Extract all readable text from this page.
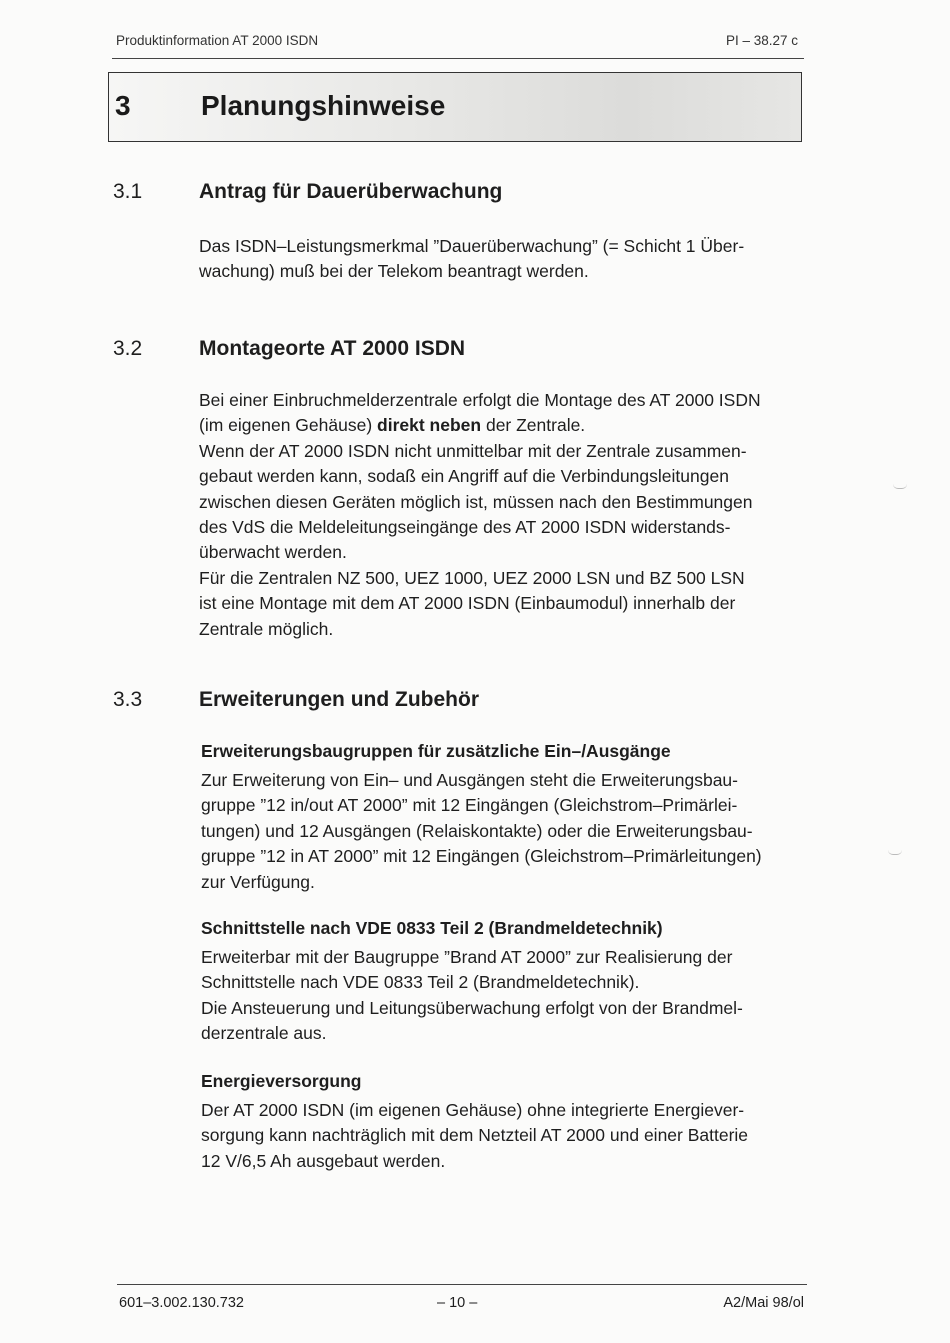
Produktinformation AT 2000 ISDN	PI – 38.27 c
3	Planungshinweise
3.1	Antrag für Dauerüberwachung
Das ISDN–Leistungsmerkmal ”Dauerüberwachung” (= Schicht 1 Über-
wachung) muß bei der Telekom beantragt werden.
3.2	Montageorte AT 2000 ISDN
Bei einer Einbruchmelderzentrale erfolgt die Montage des AT 2000 ISDN
(im eigenen Gehäuse) direkt neben der Zentrale.
Wenn der AT 2000 ISDN nicht unmittelbar mit der Zentrale zusammen-
gebaut werden kann, sodaß ein Angriff auf die Verbindungsleitungen
zwischen diesen Geräten möglich ist, müssen nach den Bestimmungen
des VdS die Meldeleitungseingänge des AT 2000 ISDN widerstands-
überwacht werden.
Für die Zentralen NZ 500, UEZ 1000, UEZ 2000 LSN und BZ 500 LSN
ist eine Montage mit dem AT 2000 ISDN (Einbaumodul) innerhalb der
Zentrale möglich.
3.3	Erweiterungen und Zubehör
Erweiterungsbaugruppen für zusätzliche Ein–/Ausgänge
Zur Erweiterung von Ein– und Ausgängen steht die Erweiterungsbau-
gruppe ”12 in/out AT 2000” mit 12 Eingängen (Gleichstrom–Primärlei-
tungen) und 12 Ausgängen (Relaiskontakte) oder die Erweiterungsbau-
gruppe ”12 in AT 2000” mit 12 Eingängen (Gleichstrom–Primärleitungen)
zur Verfügung.
Schnittstelle nach VDE 0833 Teil 2 (Brandmeldetechnik)
Erweiterbar mit der Baugruppe ”Brand AT 2000” zur Realisierung der
Schnittstelle nach VDE 0833 Teil 2 (Brandmeldetechnik).
Die Ansteuerung und Leitungsüberwachung erfolgt von der Brandmel-
derzentrale aus.
Energieversorgung
Der AT 2000 ISDN (im eigenen Gehäuse) ohne integrierte Energiever-
sorgung kann nachträglich mit dem Netzteil AT 2000 und einer Batterie
12 V/6,5 Ah ausgebaut werden.
601–3.002.130.732	– 10 –	A2/Mai 98/ol
